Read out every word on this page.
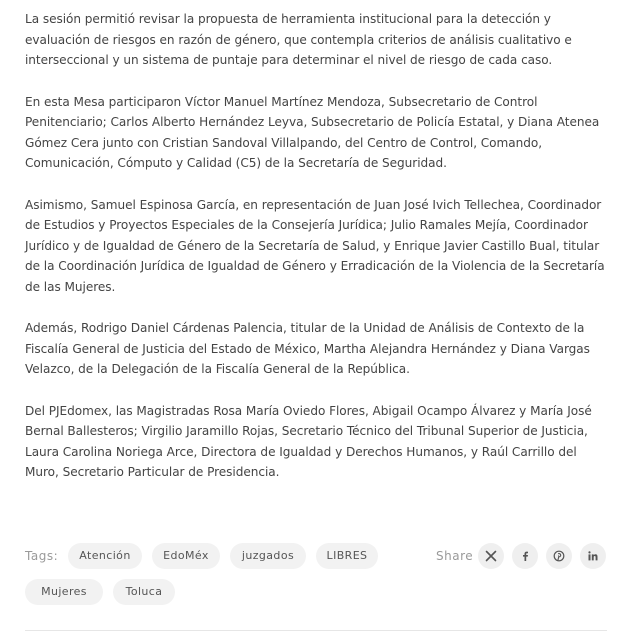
La sesión permitió revisar la propuesta de herramienta institucional para la detección y evaluación de riesgos en razón de género, que contempla criterios de análisis cualitativo e interseccional y un sistema de puntaje para determinar el nivel de riesgo de cada caso.

En esta Mesa participaron Víctor Manuel Martínez Mendoza, Subsecretario de Control Penitenciario; Carlos Alberto Hernández Leyva, Subsecretario de Policía Estatal, y Diana Atenea Gómez Cera junto con Cristian Sandoval Villalpando, del Centro de Control, Comando, Comunicación, Cómputo y Calidad (C5) de la Secretaría de Seguridad.

Asimismo, Samuel Espinosa García, en representación de Juan José Ivich Tellechea, Coordinador de Estudios y Proyectos Especiales de la Consejería Jurídica; Julio Ramales Mejía, Coordinador Jurídico y de Igualdad de Género de la Secretaría de Salud, y Enrique Javier Castillo Bual, titular de la Coordinación Jurídica de Igualdad de Género y Erradicación de la Violencia de la Secretaría de las Mujeres.

Además, Rodrigo Daniel Cárdenas Palencia, titular de la Unidad de Análisis de Contexto de la Fiscalía General de Justicia del Estado de México, Martha Alejandra Hernández y Diana Vargas Velazco, de la Delegación de la Fiscalía General de la República.

Del PJEdomex, las Magistradas Rosa María Oviedo Flores, Abigail Ocampo Álvarez y María José Bernal Ballesteros; Virgilio Jaramillo Rojas, Secretario Técnico del Tribunal Superior de Justicia, Laura Carolina Noriega Arce, Directora de Igualdad y Derechos Humanos, y Raúl Carrillo del Muro, Secretario Particular de Presidencia.

Tags:	Atención	EdoMéx	juzgados	LIBRES
Mujeres	Toluca
Share
